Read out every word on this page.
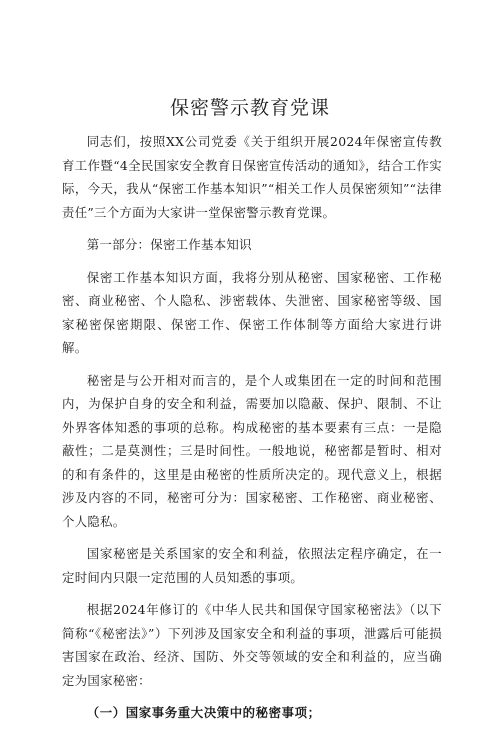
保密警示教育党课

同志们，按照XX公司党委《关于组织开展2024年保密宣传教育工作暨“4全民国家安全教育日保密宣传活动的通知》，结合工作实际，今天，我从“保密工作基本知识”“相关工作人员保密须知”“法律责任”三个方面为大家讲一堂保密警示教育党课。

第一部分：保密工作基本知识

保密工作基本知识方面，我将分别从秘密、国家秘密、工作秘密、商业秘密、个人隐私、涉密载体、失泄密、国家秘密等级、国家秘密保密期限、保密工作、保密工作体制等方面给大家进行讲解。

秘密是与公开相对而言的，是个人或集团在一定的时间和范围内，为保护自身的安全和利益，需要加以隐蔽、保护、限制、不让外界客体知悉的事项的总称。构成秘密的基本要素有三点：一是隐蔽性；二是莫测性；三是时间性。一般地说，秘密都是暂时、相对的和有条件的，这里是由秘密的性质所决定的。现代意义上，根据涉及内容的不同，秘密可分为：国家秘密、工作秘密、商业秘密、个人隐私。

国家秘密是关系国家的安全和利益，依照法定程序确定，在一定时间内只限一定范围的人员知悉的事项。

根据2024年修订的《中华人民共和国保守国家秘密法》（以下简称“《秘密法》”）下列涉及国家安全和利益的事项，泄露后可能损害国家在政治、经济、国防、外交等领域的安全和利益的，应当确定为国家秘密：

（一）国家事务重大决策中的秘密事项；
